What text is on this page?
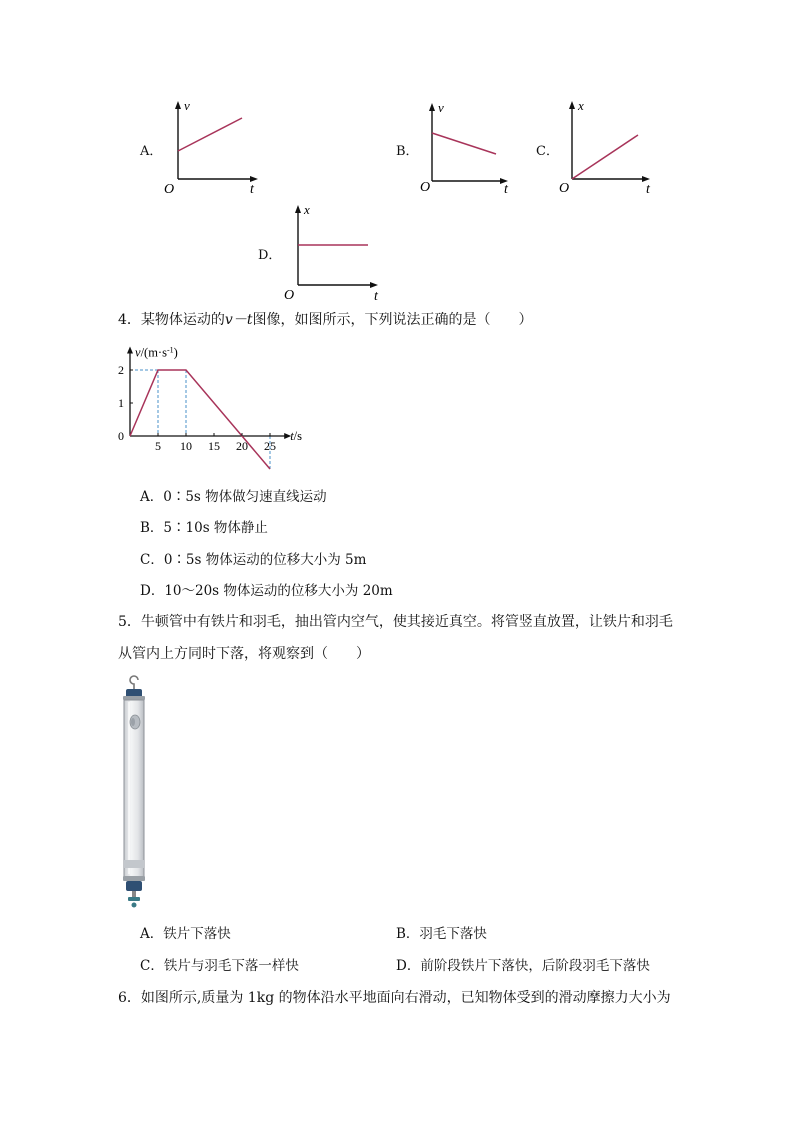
A．
v
t
O
B．
v
t
O
C．
x
t
O
D．
x
t
O
4．某物体运动的v－t图像，如图所示，下列说法正确的是（　　）
5 10 15 20 25
0
1
2
$v/(m\cdot s^{-1})$
t/s
A．0∶5s 物体做匀速直线运动
B．5∶10s 物体静止
C．0∶5s 物体运动的位移大小为 5m
D．10～20s 物体运动的位移大小为 20m
5．牛顿管中有铁片和羽毛，抽出管内空气，使其接近真空。将管竖直放置，让铁片和羽毛
从管内上方同时下落，将观察到（　　）
A．铁片下落快	B．羽毛下落快
C．铁片与羽毛下落一样快	D．前阶段铁片下落快，后阶段羽毛下落快
6．如图所示,质量为 1kg 的物体沿水平地面向右滑动，已知物体受到的滑动摩擦力大小为
